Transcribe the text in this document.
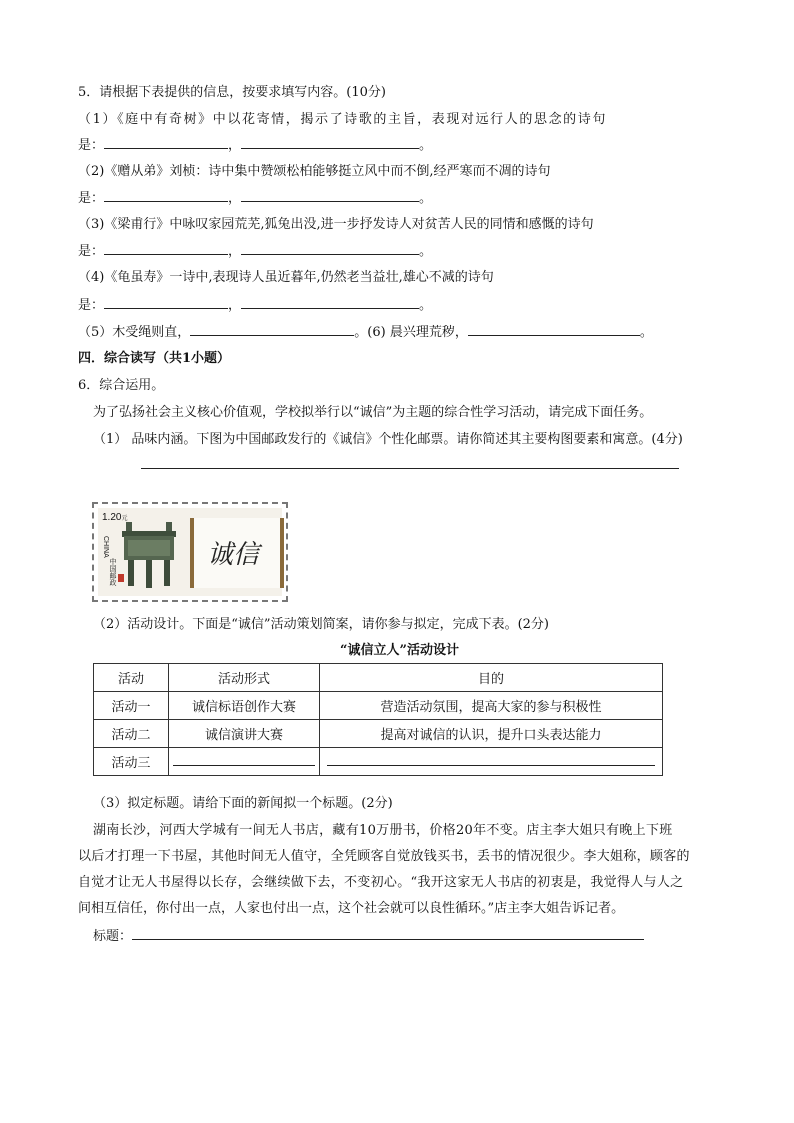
5．请根据下表提供的信息，按要求填写内容。(10分)
（1）《庭中有奇树》中以花寄情，揭示了诗歌的主旨，表现对远行人的思念的诗句
是：	，	。
（2)《赠从弟》刘桢：诗中集中赞颂松柏能够挺立风中而不倒,经严寒而不凋的诗句
是：	，	。
（3)《梁甫行》中咏叹家园荒芜,狐兔出没,进一步抒发诗人对贫苦人民的同情和感慨的诗句
是：	，	。
（4)《龟虽寿》一诗中,表现诗人虽近暮年,仍然老当益壮,雄心不减的诗句
是：	，	。
（5）木受绳则直，	。(6) 晨兴理荒秽，	。
四．综合读写（共1小题）
6．综合运用。
为了弘扬社会主义核心价值观，学校拟举行以“诚信”为主题的综合性学习活动，请完成下面任务。
（1） 品味内涵。下图为中国邮政发行的《诚信》个性化邮票。请你简述其主要构图要素和寓意。(4分)
1.20元
CHINA
中国邮政
诚信
（2）活动设计。下面是“诚信”活动策划简案，请你参与拟定，完成下表。(2分)
“诚信立人”活动设计
活动	活动形式	目的
活动一	诚信标语创作大赛	营造活动氛围，提高大家的参与积极性
活动二	诚信演讲大赛	提高对诚信的认识，提升口头表达能力
活动三		
（3）拟定标题。请给下面的新闻拟一个标题。(2分)
湖南长沙，河西大学城有一间无人书店，藏有10万册书，价格20年不变。店主李大姐只有晚上下班
以后才打理一下书屋，其他时间无人值守，全凭顾客自觉放钱买书，丢书的情况很少。李大姐称，顾客的
自觉才让无人书屋得以长存，会继续做下去，不变初心。“我开这家无人书店的初衷是，我觉得人与人之
间相互信任，你付出一点，人家也付出一点，这个社会就可以良性循环。”店主李大姐告诉记者。
标题：
